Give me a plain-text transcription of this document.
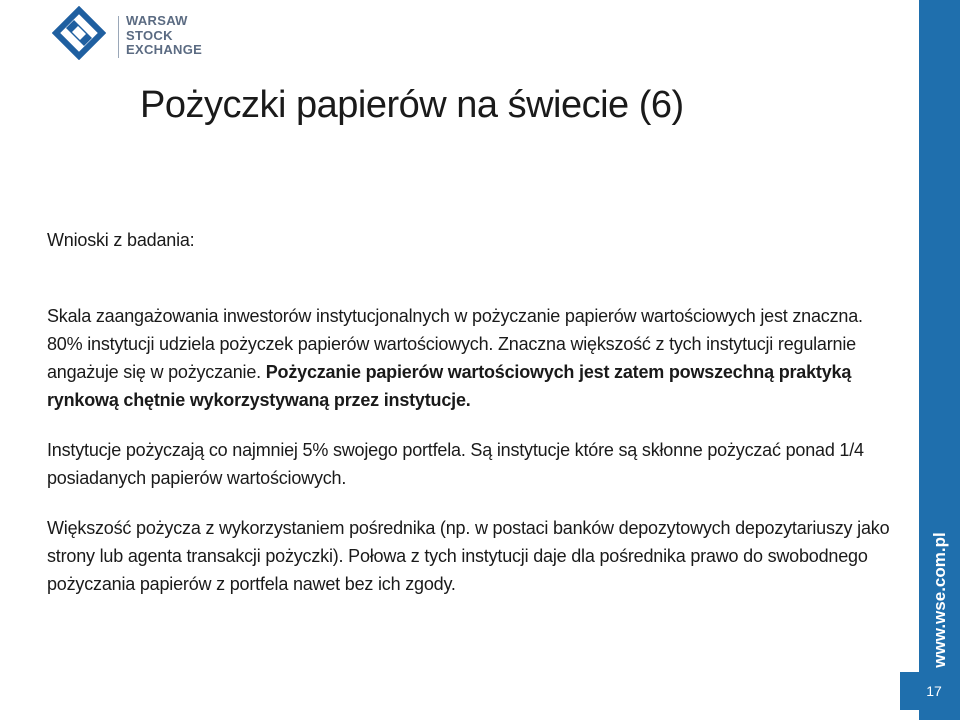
WARSAW
STOCK
EXCHANGE
Pożyczki papierów na świecie (6)

Wnioski z badania:

Skala zaangażowania inwestorów instytucjonalnych w pożyczanie papierów wartościowych jest znaczna. 80% instytucji udziela pożyczek papierów wartościowych. Znaczna większość z tych instytucji regularnie angażuje się w pożyczanie. Pożyczanie papierów wartościowych jest zatem powszechną praktyką rynkową chętnie wykorzystywaną przez instytucje.

Instytucje pożyczają co najmniej 5% swojego portfela. Są instytucje które są skłonne pożyczać ponad 1/4 posiadanych papierów wartościowych.

Większość pożycza z wykorzystaniem pośrednika (np. w postaci banków depozytowych depozytariuszy jako strony lub agenta transakcji pożyczki). Połowa z tych instytucji daje dla pośrednika prawo do swobodnego pożyczania papierów z portfela nawet bez ich zgody.	www.wse.com.pl
17
